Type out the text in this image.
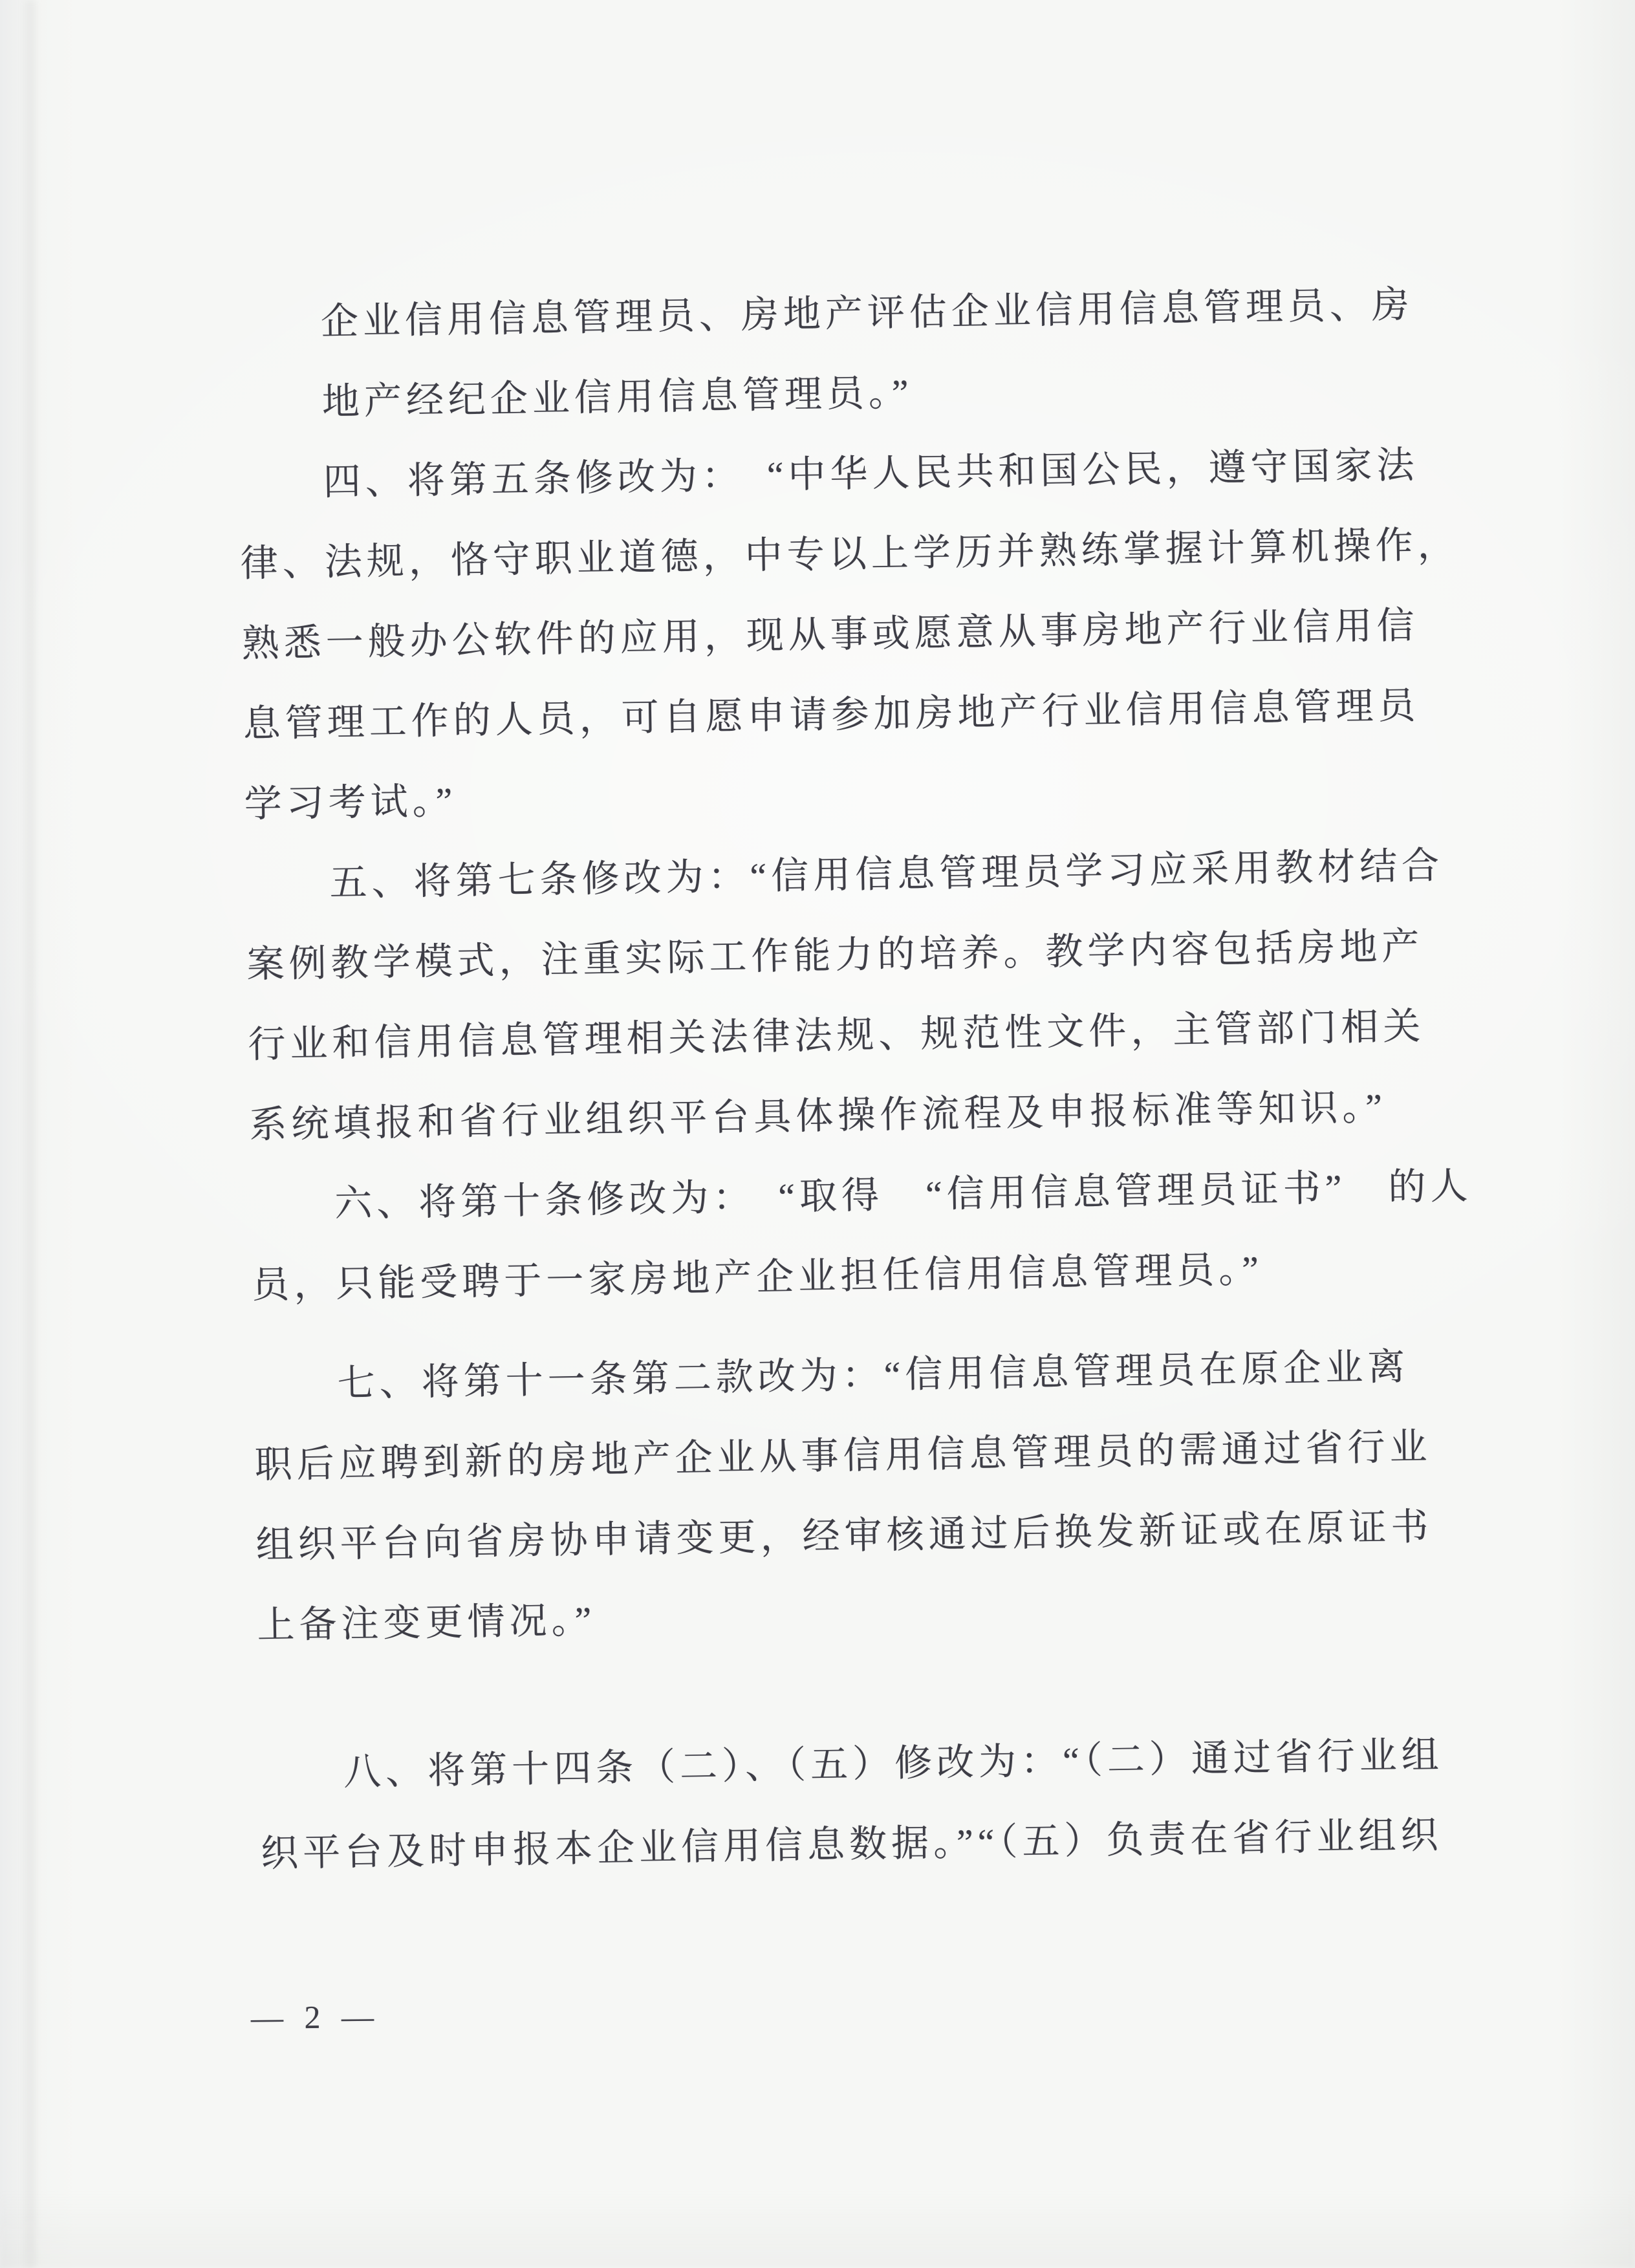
企业信用信息管理员、房地产评估企业信用信息管理员、房
地产经纪企业信用信息管理员。”
四、将第五条修改为：　“中华人民共和国公民，遵守国家法
律、法规，恪守职业道德，中专以上学历并熟练掌握计算机操作，
熟悉一般办公软件的应用，现从事或愿意从事房地产行业信用信
息管理工作的人员，可自愿申请参加房地产行业信用信息管理员
学习考试。”
五、将第七条修改为：“信用信息管理员学习应采用教材结合
案例教学模式，注重实际工作能力的培养。教学内容包括房地产
行业和信用信息管理相关法律法规、规范性文件，主管部门相关
系统填报和省行业组织平台具体操作流程及申报标准等知识。”
六、将第十条修改为：　“取得　“信用信息管理员证书”　的人
员，只能受聘于一家房地产企业担任信用信息管理员。”
七、将第十一条第二款改为：“信用信息管理员在原企业离
职后应聘到新的房地产企业从事信用信息管理员的需通过省行业
组织平台向省房协申请变更，经审核通过后换发新证或在原证书
上备注变更情况。”
八、将第十四条（二）、（五）修改为：“（二）通过省行业组
织平台及时申报本企业信用信息数据。”“（五）负责在省行业组织
— 2 —
